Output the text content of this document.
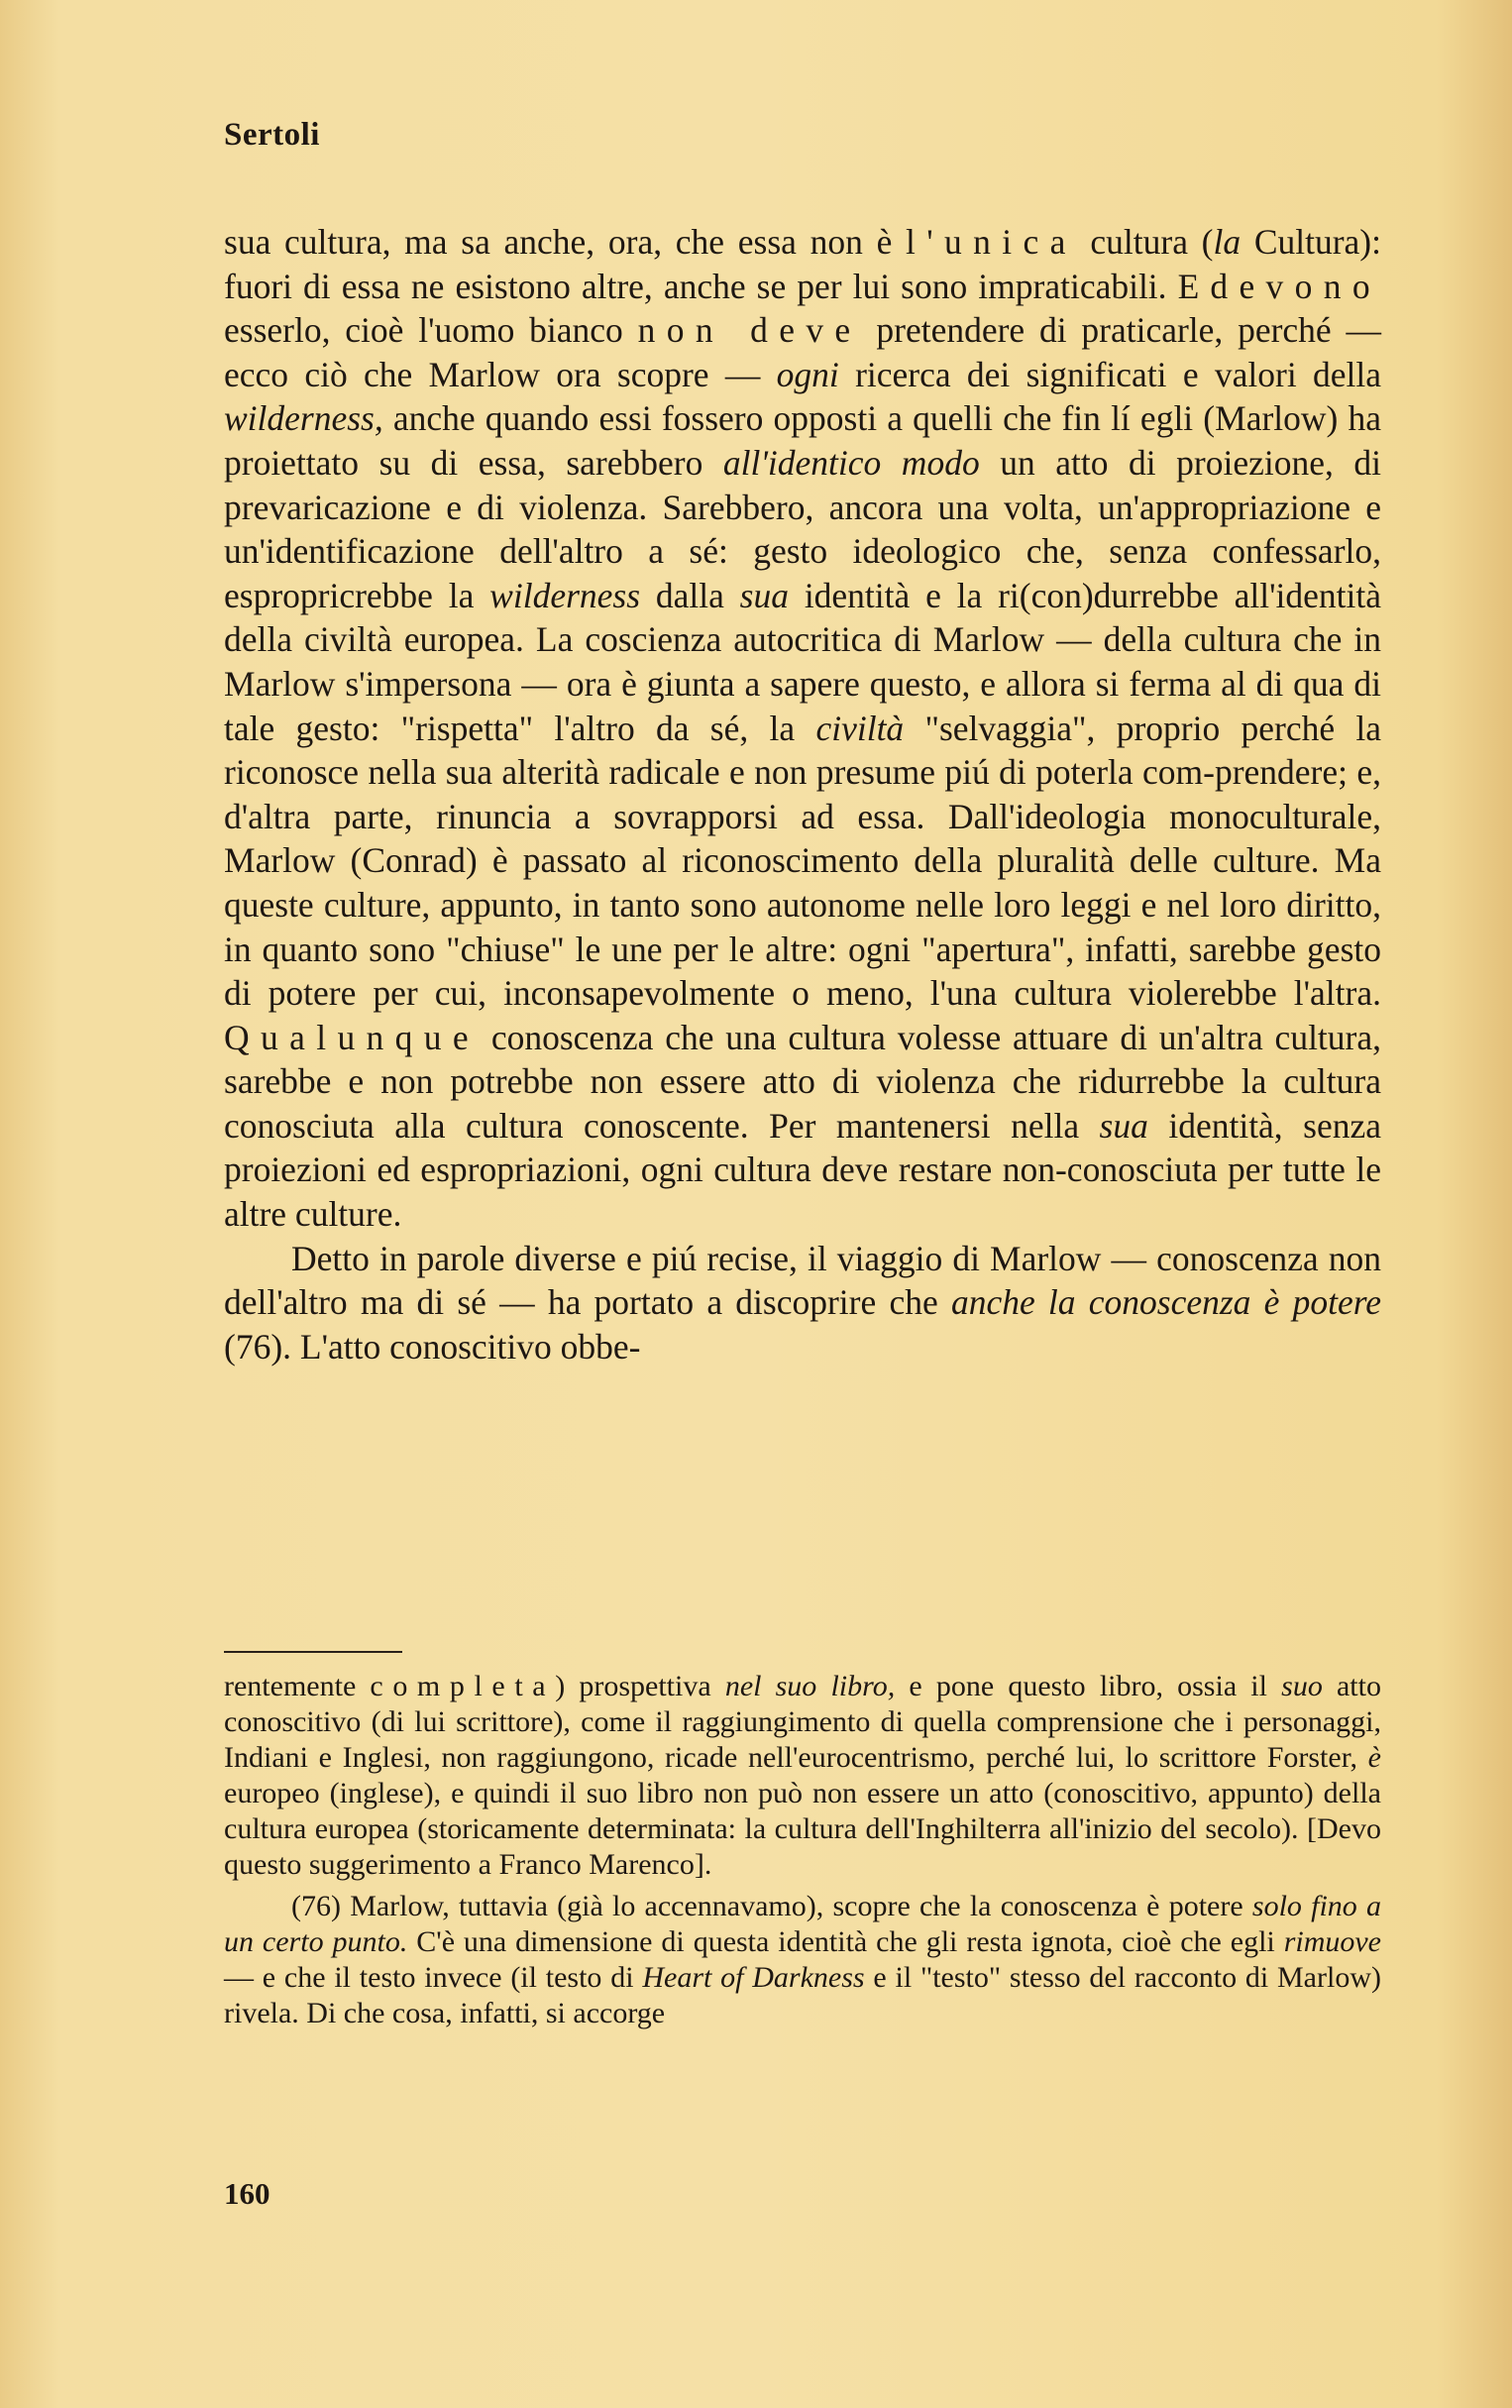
Sertoli

sua cultura, ma sa anche, ora, che essa non è l'unica cultura (la Cultura): fuori di essa ne esistono altre, anche se per lui sono impraticabili. E devono esserlo, cioè l'uomo bianco non deve pretendere di praticarle, perché — ecco ciò che Marlow ora scopre — ogni ricerca dei significati e valori della wilderness, anche quando essi fossero opposti a quelli che fin lí egli (Marlow) ha proiettato su di essa, sarebbero all'identico modo un atto di proiezione, di prevaricazione e di violenza. Sarebbero, ancora una volta, un'appropriazione e un'identificazione dell'altro a sé: gesto ideologico che, senza confessarlo, espropricrebbe la wilderness dalla sua identità e la ri(con)durrebbe all'identità della civiltà europea. La coscienza autocritica di Marlow — della cultura che in Marlow s'impersona — ora è giunta a sapere questo, e allora si ferma al di qua di tale gesto: "rispetta" l'altro da sé, la civiltà "selvaggia", proprio perché la riconosce nella sua alterità radicale e non presume piú di poterla com-prendere; e, d'altra parte, rinuncia a sovrapporsi ad essa. Dall'ideologia monoculturale, Marlow (Conrad) è passato al riconoscimento della pluralità delle culture. Ma queste culture, appunto, in tanto sono autonome nelle loro leggi e nel loro diritto, in quanto sono "chiuse" le une per le altre: ogni "apertura", infatti, sarebbe gesto di potere per cui, inconsapevolmente o meno, l'una cultura violerebbe l'altra. Qualunque conoscenza che una cultura volesse attuare di un'altra cultura, sarebbe e non potrebbe non essere atto di violenza che ridurrebbe la cultura conosciuta alla cultura conoscente. Per mantenersi nella sua identità, senza proiezioni ed espropriazioni, ogni cultura deve restare non-conosciuta per tutte le altre culture.

Detto in parole diverse e piú recise, il viaggio di Marlow — conoscenza non dell'altro ma di sé — ha portato a discoprire che anche la conoscenza è potere (76). L'atto conoscitivo obbe-

rentemente completa) prospettiva nel suo libro, e pone questo libro, ossia il suo atto conoscitivo (di lui scrittore), come il raggiungimento di quella comprensione che i personaggi, Indiani e Inglesi, non raggiungono, ricade nell'eurocentrismo, perché lui, lo scrittore Forster, è europeo (inglese), e quindi il suo libro non può non essere un atto (conoscitivo, appunto) della cultura europea (storicamente determinata: la cultura dell'Inghilterra all'inizio del secolo). [Devo questo suggerimento a Franco Marenco].

(76) Marlow, tuttavia (già lo accennavamo), scopre che la conoscenza è potere solo fino a un certo punto. C'è una dimensione di questa identità che gli resta ignota, cioè che egli rimuove — e che il testo invece (il testo di Heart of Darkness e il "testo" stesso del racconto di Marlow) rivela. Di che cosa, infatti, si accorge

160
